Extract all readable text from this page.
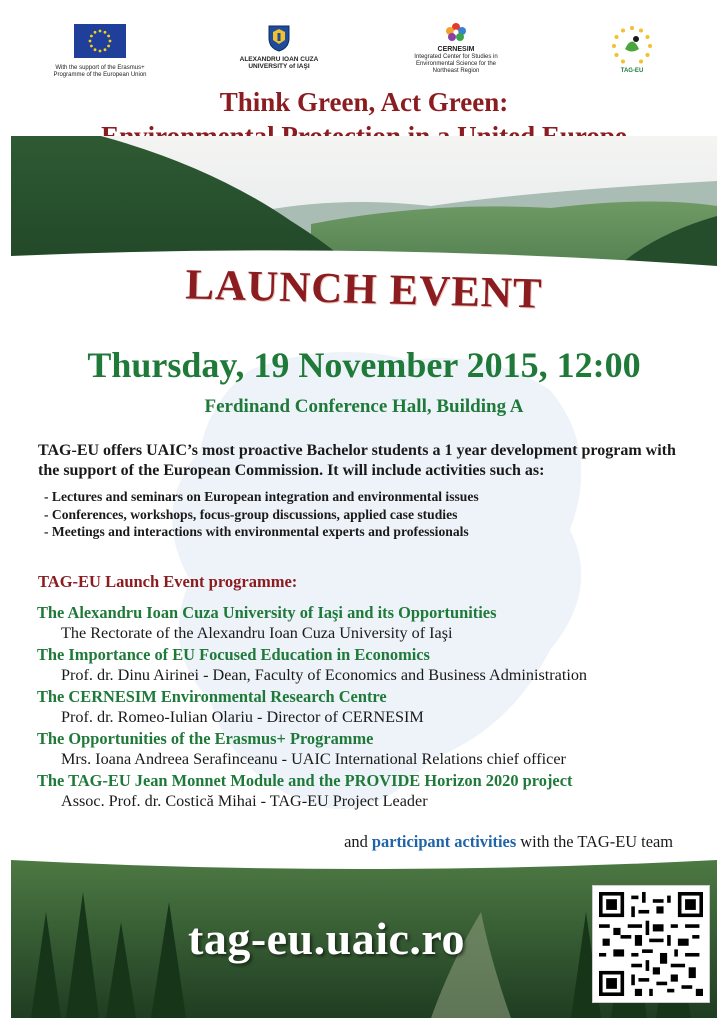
With the support of the Erasmus+ Programme of the European Union
ALEXANDRU IOAN CUZA
UNIVERSITY of IAŞI
CERNESIM
Integrated Center for Studies in Environmental Science for the Northeast Region	TAG-EU
Think Green, Act Green:
LAUNCH EVENT
Thursday, 19 November 2015, 12:00
Ferdinand Conference Hall, Building A

TAG-EU offers UAIC’s most proactive Bachelor students a 1 year development program with the support of the European Commission. It will include activities such as:

- Lectures and seminars on European integration and environmental issues
- Conferences, workshops, focus-group discussions, applied case studies
- Meetings and interactions with environmental experts and professionals
TAG-EU Launch Event programme:
The Alexandru Ioan Cuza University of Iaşi and its Opportunities
The Rectorate of the Alexandru Ioan Cuza University of Iaşi
The Importance of EU Focused Education in Economics
Prof. dr. Dinu Airinei - Dean, Faculty of Economics and Business Administration
The CERNESIM Environmental Research Centre
Prof. dr. Romeo-Iulian Olariu - Director of CERNESIM
The Opportunities of the Erasmus+ Programme
Mrs. Ioana Andreea Serafinceanu - UAIC International Relations chief officer
The TAG-EU Jean Monnet Module and the PROVIDE Horizon 2020 project
Assoc. Prof. dr. Costică Mihai - TAG-EU Project Leader
and participant activities with the TAG-EU team
tag-eu.uaic.ro
